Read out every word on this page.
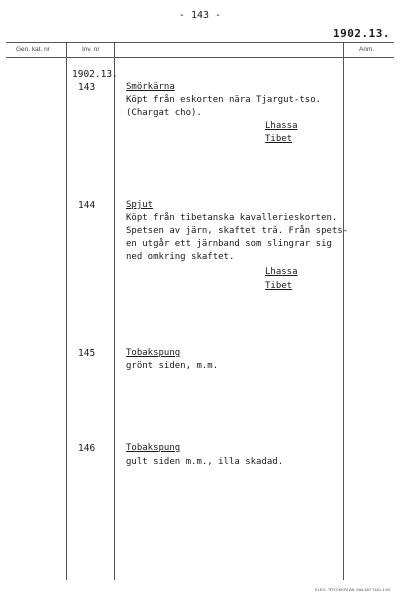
- 143 -
1902.13.
Gen. kat. nr	Inv. nr	Anm.
1902.13.
143	Smörkärna
Köpt från eskorten nära Tjargut-tso.
(Chargat cho).
Lhassa
Tibet
144	Spjut
Köpt från tibetanska kavallerieskorten.
Spetsen av järn, skaftet trä. Från spets-
en utgår ett järnband som slingrar sig
ned omkring skaftet.
Lhassa
Tibet
145	Tobakspung
grönt siden, m.m.
146	Tobakspung
gult siden m.m., illa skadad.
ELEG. TRYCKERI AB, MALMÖ 7451 4 69
